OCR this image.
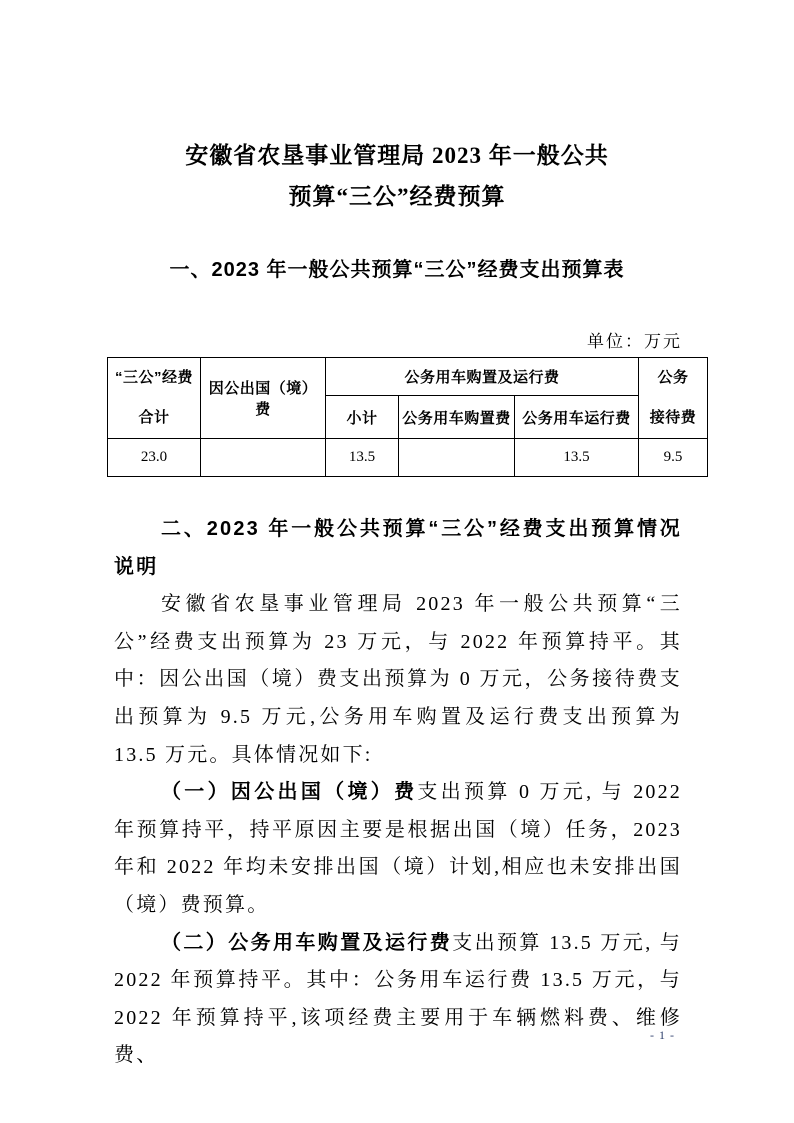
安徽省农垦事业管理局 2023 年一般公共
预算“三公”经费预算
一、2023 年一般公共预算“三公”经费支出预算表
单位：万元
“三公”经费
合计	因公出国（境）费	公务用车购置及运行费			公务
接待费

		小计	公务用车购置费	公务用车运行费	
23.0		13.5		13.5	9.5

二、2023 年一般公共预算“三公”经费支出预算情况说明

安徽省农垦事业管理局 2023 年一般公共预算“三公”经费支出预算为 23 万元，与 2022 年预算持平。其中：因公出国（境）费支出预算为 0 万元，公务接待费支出预算为 9.5 万元,公务用车购置及运行费支出预算为 13.5 万元。具体情况如下:

（一）因公出国（境）费支出预算 0 万元, 与 2022 年预算持平，持平原因主要是根据出国（境）任务，2023 年和 2022 年均未安排出国（境）计划,相应也未安排出国（境）费预算。

（二）公务用车购置及运行费支出预算 13.5 万元, 与 2022 年预算持平。其中：公务用车运行费 13.5 万元，与 2022 年预算持平,该项经费主要用于车辆燃料费、维修费、

- 1 -
